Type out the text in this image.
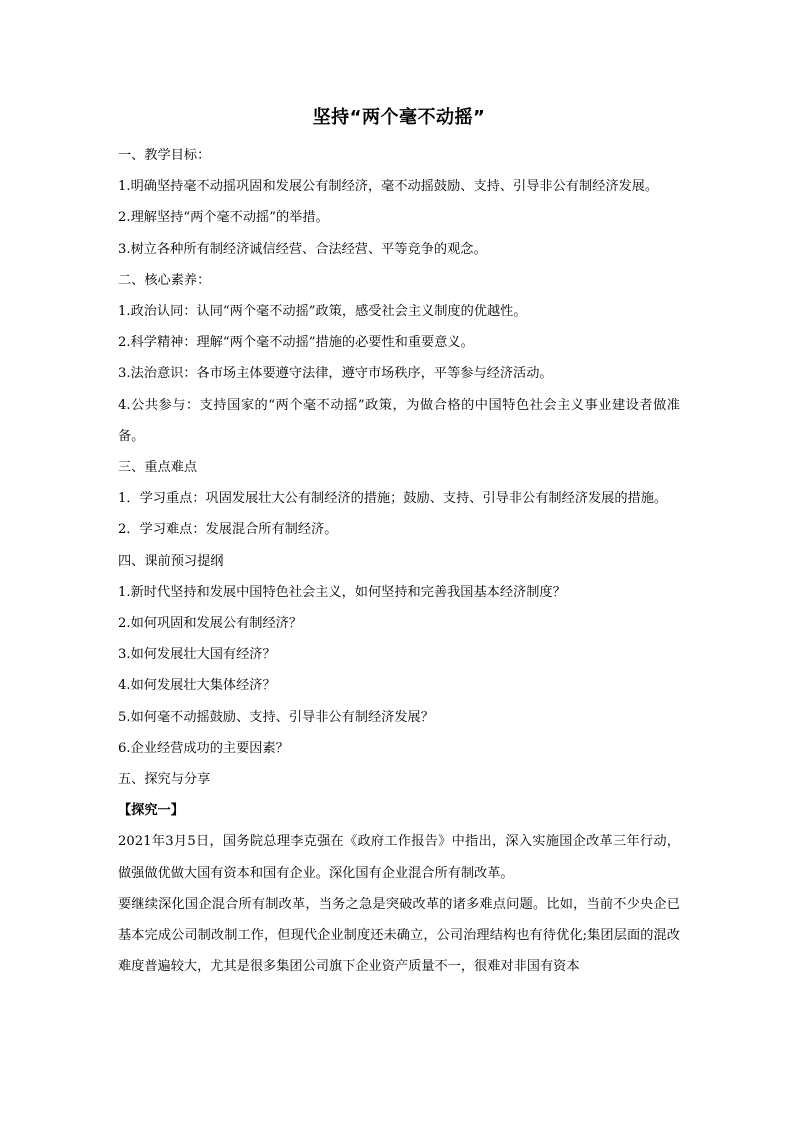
坚持“两个毫不动摇”

一、教学目标：

1.明确坚持毫不动摇巩固和发展公有制经济，毫不动摇鼓励、支持、引导非公有制经济发展。

2.理解坚持“两个毫不动摇”的举措。

3.树立各种所有制经济诚信经营、合法经营、平等竞争的观念。

二、核心素养：

1.政治认同：认同“两个毫不动摇”政策，感受社会主义制度的优越性。

2.科学精神：理解“两个毫不动摇”措施的必要性和重要意义。

3.法治意识：各市场主体要遵守法律，遵守市场秩序，平等参与经济活动。

4.公共参与：支持国家的“两个毫不动摇”政策，为做合格的中国特色社会主义事业建设者做准备。

三、重点难点

1．学习重点：巩固发展壮大公有制经济的措施；鼓励、支持、引导非公有制经济发展的措施。

2．学习难点：发展混合所有制经济。

四、课前预习提纲

1.新时代坚持和发展中国特色社会主义，如何坚持和完善我国基本经济制度？

2.如何巩固和发展公有制经济？

3.如何发展壮大国有经济？

4.如何发展壮大集体经济？

5.如何毫不动摇鼓励、支持、引导非公有制经济发展？

6.企业经营成功的主要因素？

五、探究与分享

【探究一】

2021年3月5日，国务院总理李克强在《政府工作报告》中指出，深入实施国企改革三年行动，做强做优做大国有资本和国有企业。深化国有企业混合所有制改革。

要继续深化国企混合所有制改革，当务之急是突破改革的诸多难点问题。比如，当前不少央企已基本完成公司制改制工作，但现代企业制度还未确立，公司治理结构也有待优化;集团层面的混改难度普遍较大，尤其是很多集团公司旗下企业资产质量不一，很难对非国有资本
